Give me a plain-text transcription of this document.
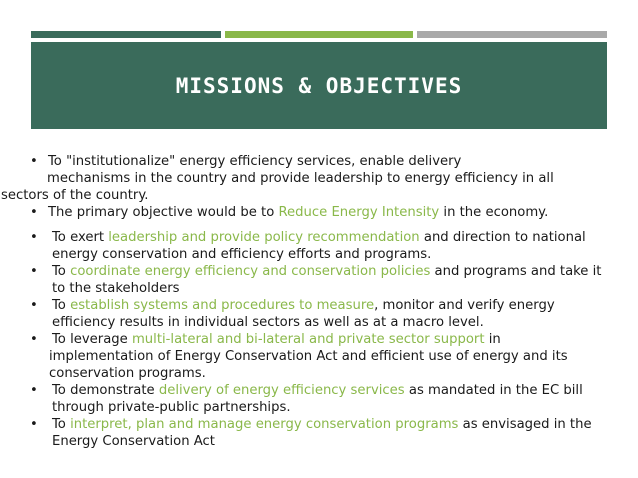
MISSIONS & OBJECTIVES
• To "institutionalize" energy efficiency services, enable delivery
mechanisms in the country and provide leadership to energy efficiency in all
sectors of the country.
• The primary objective would be to Reduce Energy Intensity in the economy.
• To exert leadership and provide policy recommendation and direction to national
energy conservation and efficiency efforts and programs.
• To coordinate energy efficiency and conservation policies and programs and take it
to the stakeholders
• To establish systems and procedures to measure, monitor and verify energy
efficiency results in individual sectors as well as at a macro level.
• To leverage multi-lateral and bi-lateral and private sector support in
implementation of Energy Conservation Act and efficient use of energy and its
conservation programs.
• To demonstrate delivery of energy efficiency services as mandated in the EC bill
through private-public partnerships.
• To interpret, plan and manage energy conservation programs as envisaged in the
Energy Conservation Act
